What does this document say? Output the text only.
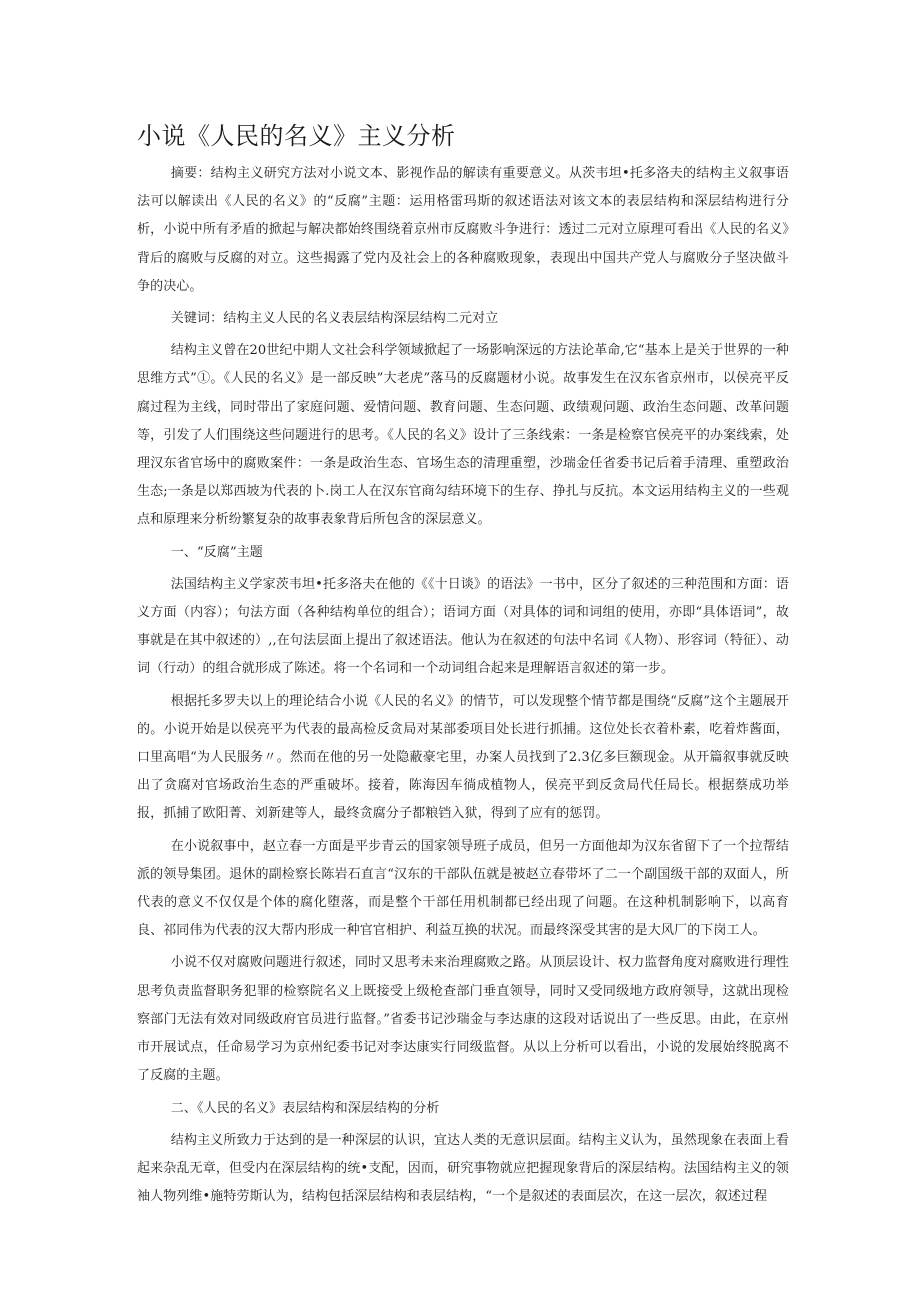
小说《人民的名义》主义分析

摘要：结构主义研究方法对小说文本、影视作品的解读有重要意义。从茨韦坦•托多洛夫的结构主义叙事语法可以解读出《人民的名义》的“反腐”主题：运用格雷玛斯的叙述语法对该文本的表层结构和深层结构进行分析，小说中所有矛盾的掀起与解决都始终围绕着京州市反腐败斗争进行：透过二元对立原理可看出《人民的名义》背后的腐败与反腐的对立。这些揭露了党内及社会上的各种腐败现象，表现出中国共产党人与腐败分子坚决做斗争的决心。

关键词：结构主义人民的名义表层结构深层结构二元对立

结构主义曾在20世纪中期人文社会科学领域掀起了一场影响深远的方法论革命,它“基本上是关于世界的一种思维方式”①。《人民的名义》是一部反映”大老虎”落马的反腐题材小说。故事发生在汉东省京州市，以侯亮平反腐过程为主线，同时带出了家庭问题、爱情问题、教育问题、生态问题、政绩观问题、政治生态问题、改革问题等，引发了人们围绕这些问题进行的思考。《人民的名义》设计了三条线索：一条是检察官侯亮平的办案线索，处理汉东省官场中的腐败案件：一条是政治生态、官场生态的清理重塑，沙瑞金任省委书记后着手清理、重塑政治生态;一条是以郑西坡为代表的卜.岗工人在汉东官商勾结环境下的生存、挣扎与反抗。本文运用结构主义的一些观点和原理来分析纷繁复杂的故事表象背后所包含的深层意义。

一、“反腐”主题

法国结构主义学家茨韦坦•托多洛夫在他的《《十日谈》的语法》一书中，区分了叙述的三种范围和方面：语义方面（内容）；句法方面（各种结构单位的组合）；语词方面（对具体的词和词组的使用，亦即“具体语词”，故事就是在其中叙述的）,,在句法层面上提出了叙述语法。他认为在叙述的句法中名词《人物）、形容词（特征）、动词（行动）的组合就形成了陈述。将一个名词和一个动词组合起来是理解语言叙述的第一步。

根据托多罗夫以上的理论结合小说《人民的名义》的情节，可以发现整个情节都是围绕“反腐”这个主题展开的。小说开始是以侯亮平为代表的最高检反贪局对某部委项目处长进行抓捕。这位处长衣着朴素，吃着炸酱面，口里高唱“为人民服务〃。然而在他的另一处隐蔽豪宅里，办案人员找到了2.3亿多巨额现金。从开篇叙事就反映出了贪腐对官场政治生态的严重破坏。接着，陈海因车徜成植物人，侯亮平到反贪局代任局长。根据蔡成功举报，抓捕了欧阳菁、刘新建等人，最终贪腐分子都粮铛入狱，得到了应有的惩罚。

在小说叙事中，赵立春一方面是平步青云的国家领导班子成员，但另一方面他却为汉东省留下了一个拉帮结派的领导集团。退休的副检察长陈岩石直言“汉东的干部队伍就是被赵立春带坏了二一个副国级干部的双面人，所代表的意义不仅仅是个体的腐化堕落，而是整个干部任用机制都已经出现了问题。在这种机制影响下，以高育良、祁同伟为代表的汉大帮内形成一种官官相护、利益互换的状况。而最终深受其害的是大风厂的下岗工人。

小说不仅对腐败问题进行叙述，同时又思考未来治理腐败之路。从顶层设计、权力监督角度对腐败进行理性思考负责监督职务犯罪的检察院名义上既接受上级枪查部门垂直领导，同时又受同级地方政府领导，这就出现检察部门无法有效对同级政府官员进行监督。”省委书记沙瑞金与李达康的这段对话说出了一些反思。由此，在京州市开展试点，任命易学习为京州纪委书记对李达康实行同级监督。从以上分析可以看出，小说的发展始终脱离不了反腐的主题。

二、《人民的名义》表层结构和深层结构的分析

结构主义所致力于达到的是一种深层的认识，宜达人类的无意识层面。结构主义认为，虽然现象在表面上看起来杂乱无章，但受内在深层结构的统•支配，因而，研究事物就应把握现象背后的深层结构。法国结构主义的领袖人物列维•施特劳斯认为，结构包括深层结构和表层结构，“一个是叙述的表面层次，在这一层次，叙述过程
